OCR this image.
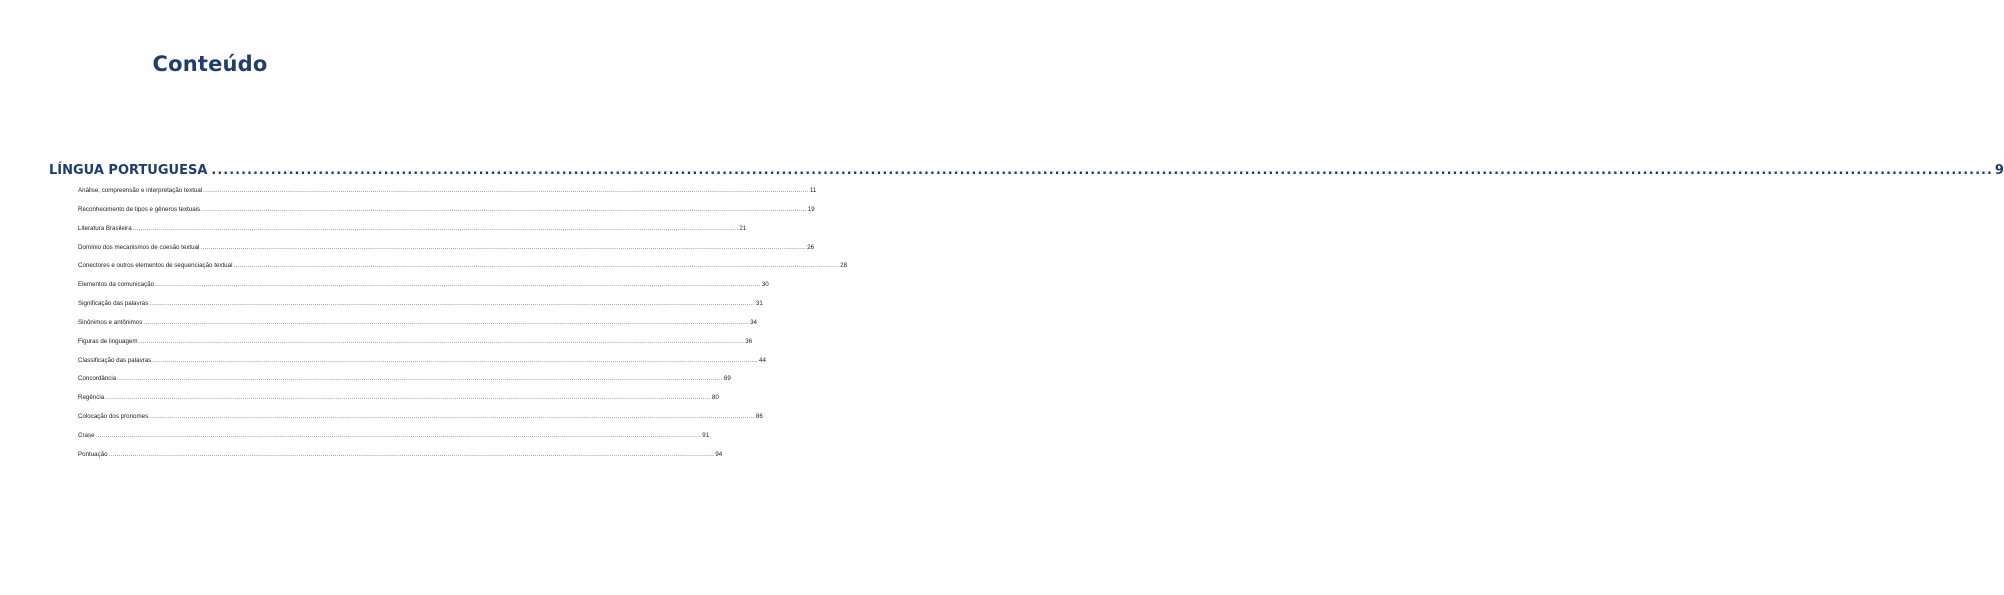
Conteúdo
LÍNGUA PORTUGUESA ............................................................................................................................................................................................................................................................................................................ 9
Análise, compreensão e interpretação textual ............................................................................................................................................................................................................................................................................................................ 11
Reconhecimento de tipos e gêneros textuais ............................................................................................................................................................................................................................................................................................................ 19
Literatura Brasileira ............................................................................................................................................................................................................................................................................................................ 21
Domínio dos mecanismos de coesão textual ............................................................................................................................................................................................................................................................................................................ 26
Conectores e outros elementos de sequenciação textual ............................................................................................................................................................................................................................................................................................................ 28
Elementos da comunicação ............................................................................................................................................................................................................................................................................................................ 30
Significação das palavras ............................................................................................................................................................................................................................................................................................................ 31
Sinônimos e antônimos ............................................................................................................................................................................................................................................................................................................ 34
Figuras de linguagem ............................................................................................................................................................................................................................................................................................................ 36
Classificação das palavras ............................................................................................................................................................................................................................................................................................................ 44
Concordância ............................................................................................................................................................................................................................................................................................................ 69
Regência ............................................................................................................................................................................................................................................................................................................ 80
Colocação dos pronomes ............................................................................................................................................................................................................................................................................................................ 86
Crase ............................................................................................................................................................................................................................................................................................................ 91
Pontuação ............................................................................................................................................................................................................................................................................................................ 94
